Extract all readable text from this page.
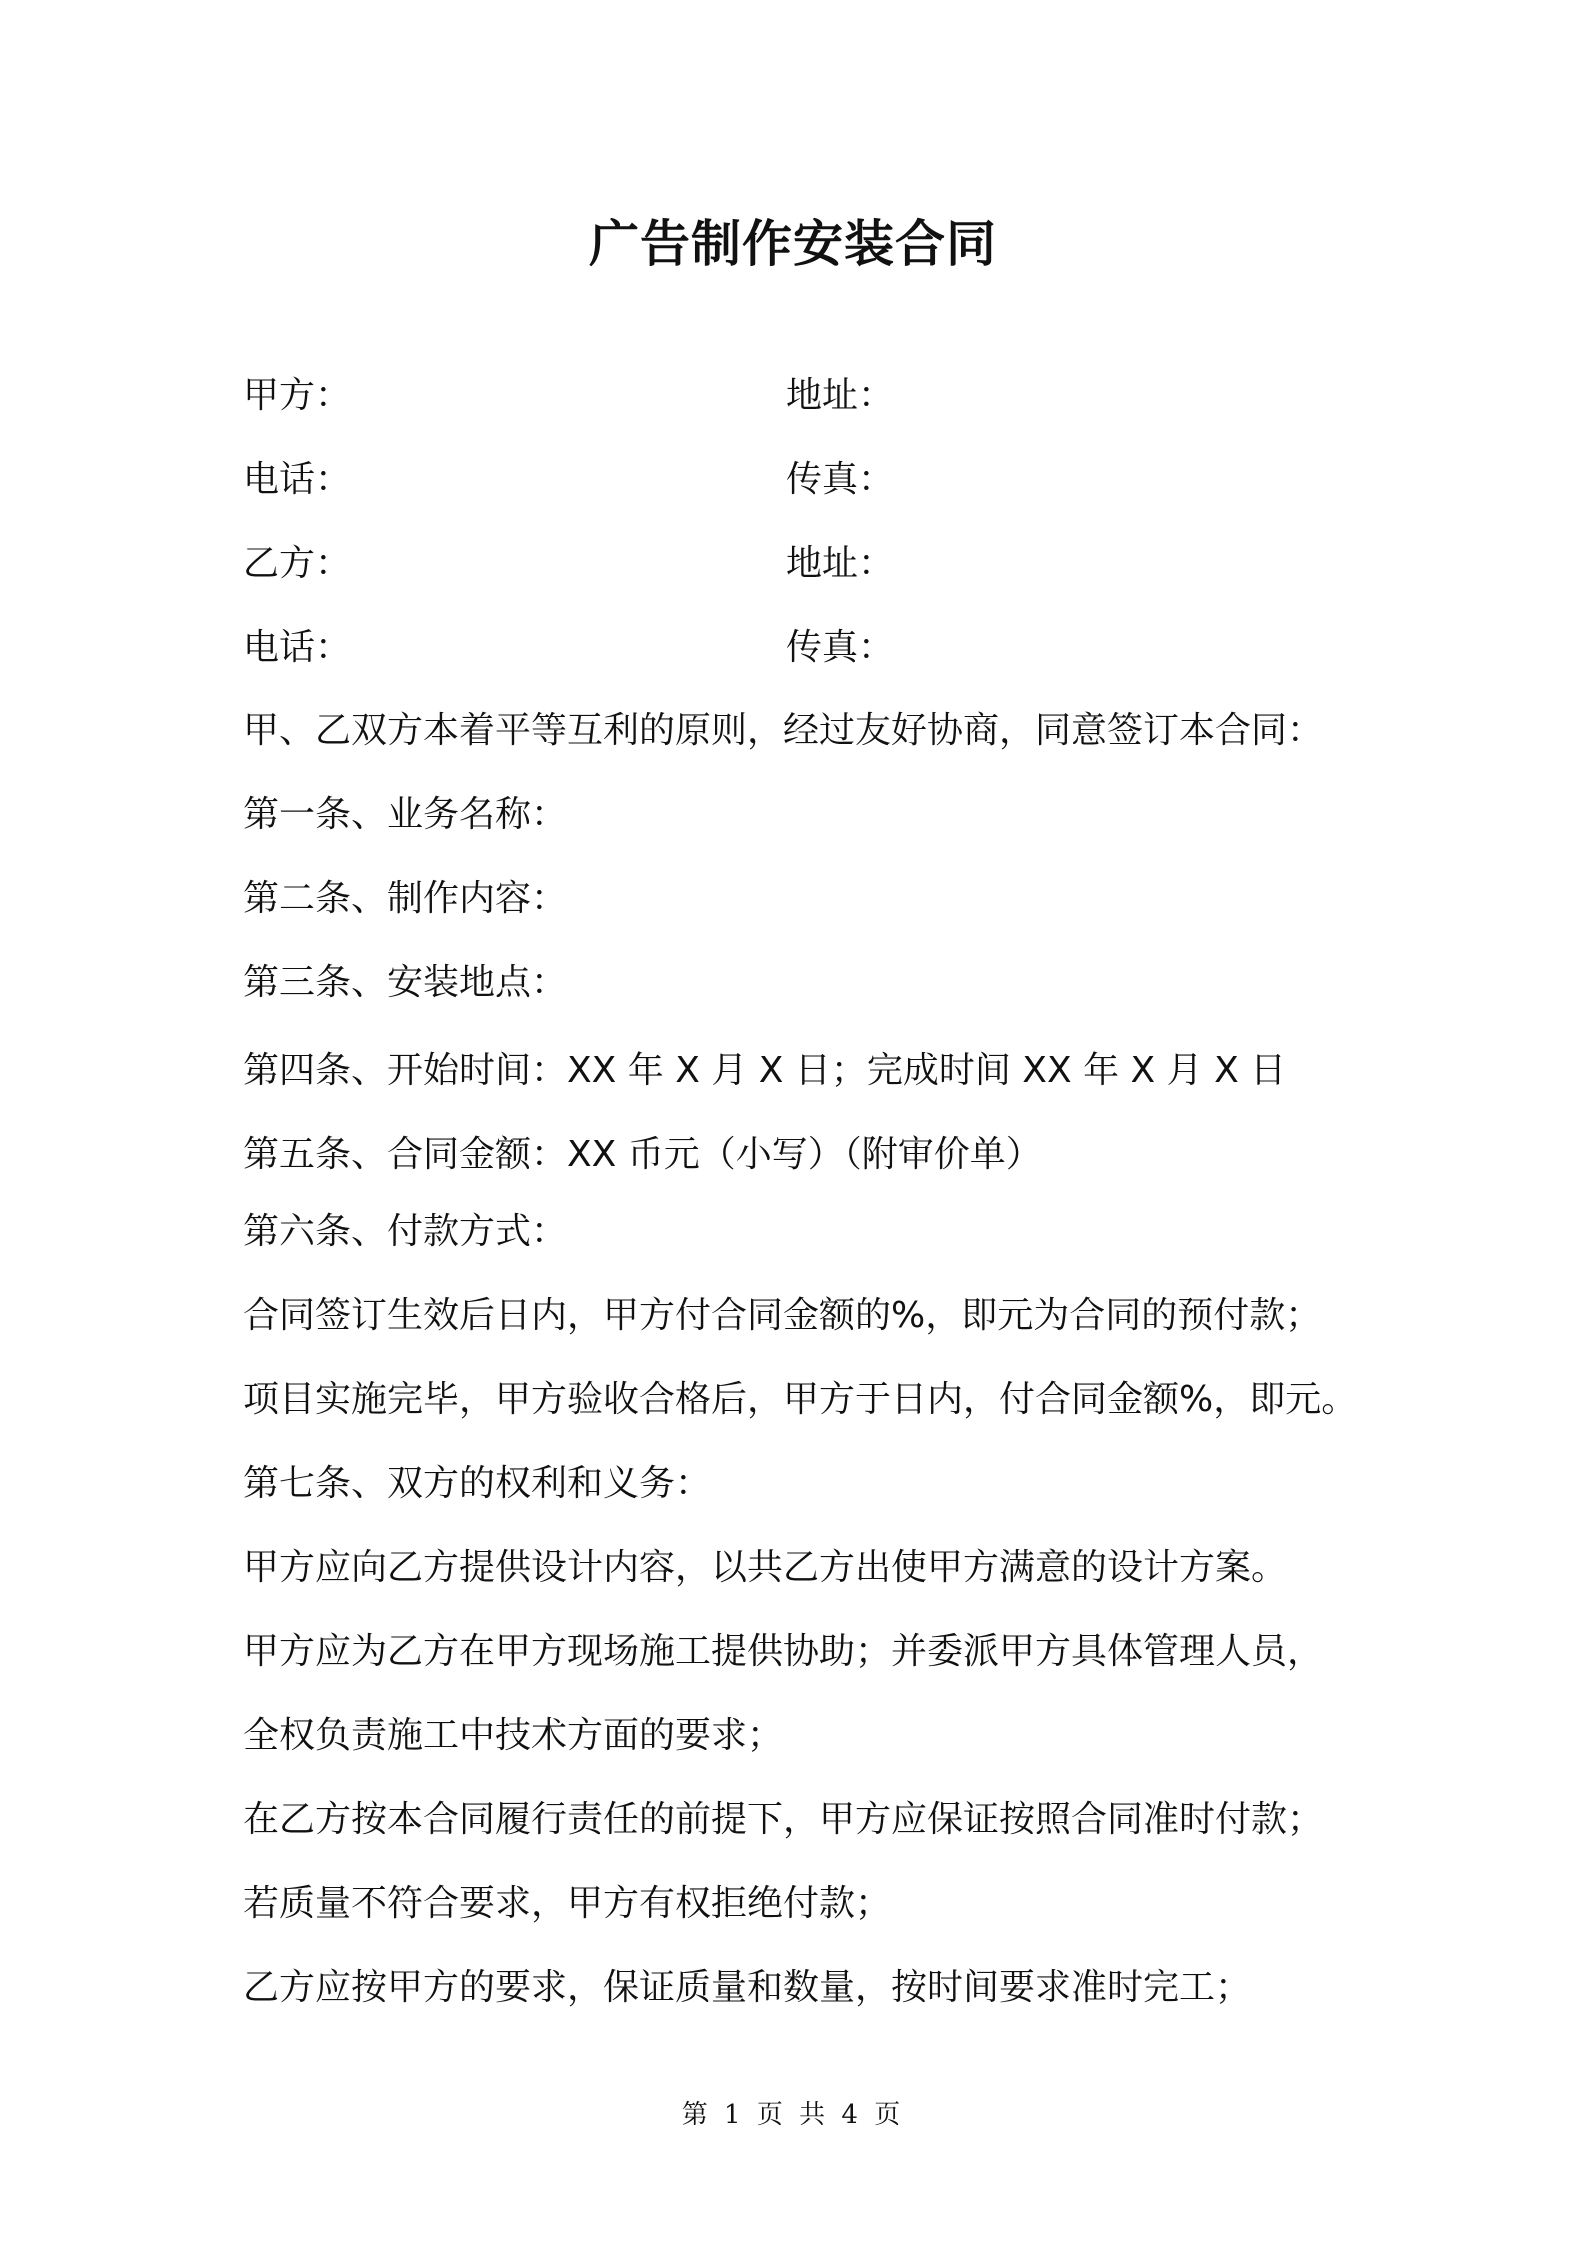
广告制作安装合同
甲方：	地址：
电话：	传真：
乙方：	地址：
电话：	传真：
甲、乙双方本着平等互利的原则，经过友好协商，同意签订本合同：
第一条、业务名称：
第二条、制作内容：
第三条、安装地点：
第四条、开始时间：XX 年 X 月 X 日；完成时间 XX 年 X 月 X 日
第五条、合同金额：XX 币元（小写）（附审价单）
第六条、付款方式：
合同签订生效后日内，甲方付合同金额的%，即元为合同的预付款；
项目实施完毕，甲方验收合格后，甲方于日内，付合同金额%，即元。
第七条、双方的权利和义务：
甲方应向乙方提供设计内容，以共乙方出使甲方满意的设计方案。
甲方应为乙方在甲方现场施工提供协助；并委派甲方具体管理人员，
全权负责施工中技术方面的要求；
在乙方按本合同履行责任的前提下，甲方应保证按照合同准时付款；
若质量不符合要求，甲方有权拒绝付款；
乙方应按甲方的要求，保证质量和数量，按时间要求准时完工；
第 1 页 共 4 页
